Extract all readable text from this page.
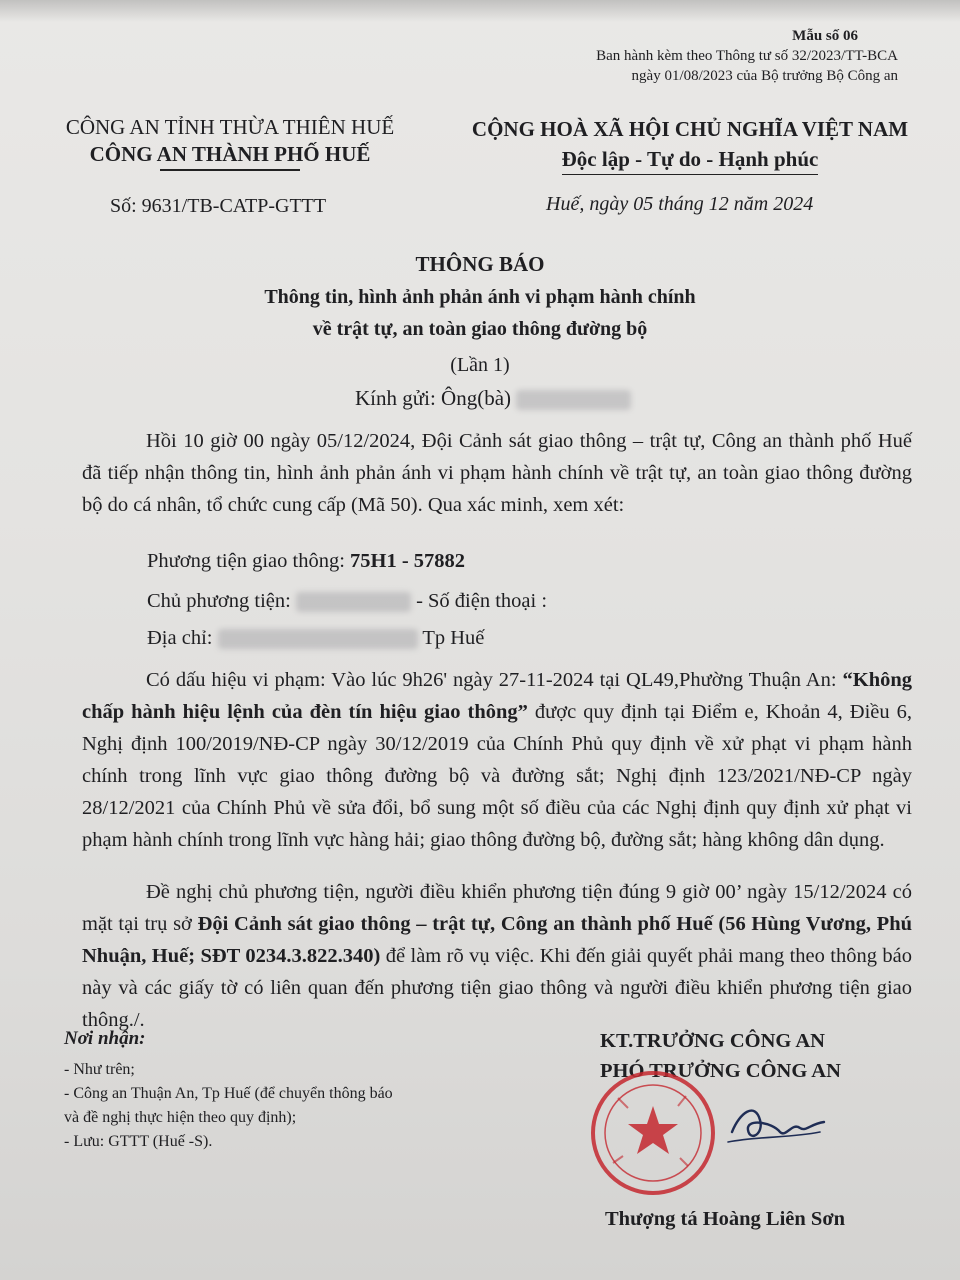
Mẫu số 06
Ban hành kèm theo Thông tư số 32/2023/TT-BCA
ngày 01/08/2023 của Bộ trưởng Bộ Công an
CÔNG AN TỈNH THỪA THIÊN HUẾ
CÔNG AN THÀNH PHỐ HUẾ
CỘNG HOÀ XÃ HỘI CHỦ NGHĨA VIỆT NAM
Độc lập - Tự do - Hạnh phúc
Số: 9631/TB-CATP-GTTT	Huế, ngày 05 tháng 12 năm 2024
THÔNG BÁO
Thông tin, hình ảnh phản ánh vi phạm hành chính
về trật tự, an toàn giao thông đường bộ
(Lần 1)
Kính gửi: Ông(bà)
Hồi 10 giờ 00 ngày 05/12/2024, Đội Cảnh sát giao thông – trật tự, Công an thành phố Huế đã tiếp nhận thông tin, hình ảnh phản ánh vi phạm hành chính về trật tự, an toàn giao thông đường bộ do cá nhân, tổ chức cung cấp (Mã 50). Qua xác minh, xem xét:
Phương tiện giao thông: 75H1 - 57882
Chủ phương tiện:	- Số điện thoại :
Địa chỉ:	Tp Huế
Có dấu hiệu vi phạm: Vào lúc 9h26' ngày 27-11-2024 tại QL49,Phường Thuận An: “Không chấp hành hiệu lệnh của đèn tín hiệu giao thông” được quy định tại Điểm e, Khoản 4, Điều 6, Nghị định 100/2019/NĐ-CP ngày 30/12/2019 của Chính Phủ quy định về xử phạt vi phạm hành chính trong lĩnh vực giao thông đường bộ và đường sắt; Nghị định 123/2021/NĐ-CP ngày 28/12/2021 của Chính Phủ về sửa đổi, bổ sung một số điều của các Nghị định quy định xử phạt vi phạm hành chính trong lĩnh vực hàng hải; giao thông đường bộ, đường sắt; hàng không dân dụng.
Đề nghị chủ phương tiện, người điều khiển phương tiện đúng 9 giờ 00’ ngày 15/12/2024 có mặt tại trụ sở Đội Cảnh sát giao thông – trật tự, Công an thành phố Huế (56 Hùng Vương, Phú Nhuận, Huế; SĐT 0234.3.822.340) để làm rõ vụ việc. Khi đến giải quyết phải mang theo thông báo này và các giấy tờ có liên quan đến phương tiện giao thông và người điều khiển phương tiện giao thông./.
Nơi nhận:
- Như trên;
- Công an Thuận An, Tp Huế (để chuyển thông báo
và đề nghị thực hiện theo quy định);
- Lưu: GTTT (Huế -S).
KT.TRƯỞNG CÔNG AN
PHÓ TRƯỞNG CÔNG AN
Thượng tá Hoàng Liên Sơn
